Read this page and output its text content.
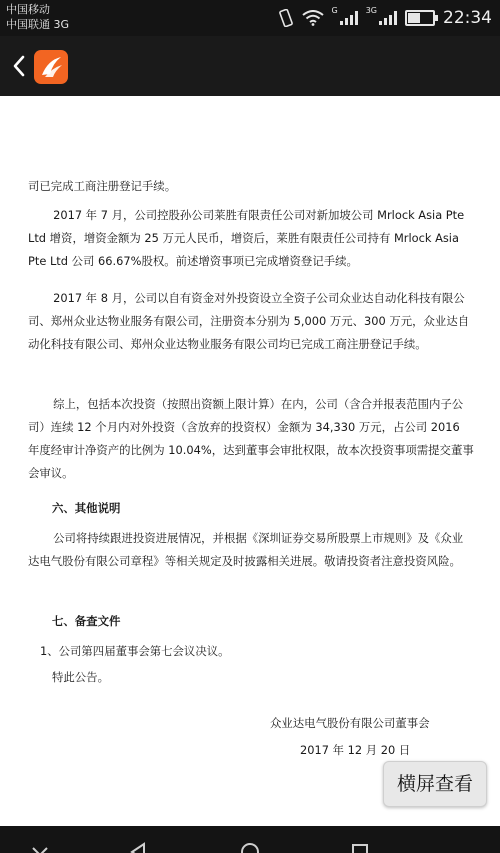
中国移动
中国联通 3G
G	3G	22:34

司已完成工商注册登记手续。

2017 年 7 月，公司控股孙公司莱胜有限责任公司对新加坡公司 Mrlock Asia Pte Ltd 增资，增资金额为 25 万元人民币，增资后，莱胜有限责任公司持有 Mrlock Asia Pte Ltd 公司 66.67%股权。前述增资事项已完成增资登记手续。

2017 年 8 月，公司以自有资金对外投资设立全资子公司众业达自动化科技有限公司、郑州众业达物业服务有限公司，注册资本分别为 5,000 万元、300 万元，众业达自动化科技有限公司、郑州众业达物业服务有限公司均已完成工商注册登记手续。

综上，包括本次投资（按照出资额上限计算）在内，公司（含合并报表范围内子公司）连续 12 个月内对外投资（含放弃的投资权）金额为 34,330 万元，占公司 2016 年度经审计净资产的比例为 10.04%，达到董事会审批权限，故本次投资事项需提交董事会审议。

六、其他说明

公司将持续跟进投资进展情况，并根据《深圳证券交易所股票上市规则》及《众业达电气股份有限公司章程》等相关规定及时披露相关进展。敬请投资者注意投资风险。

七、备查文件

1、公司第四届董事会第七会议决议。

特此公告。

众业达电气股份有限公司董事会

2017 年 12 月 20 日

横屏查看
